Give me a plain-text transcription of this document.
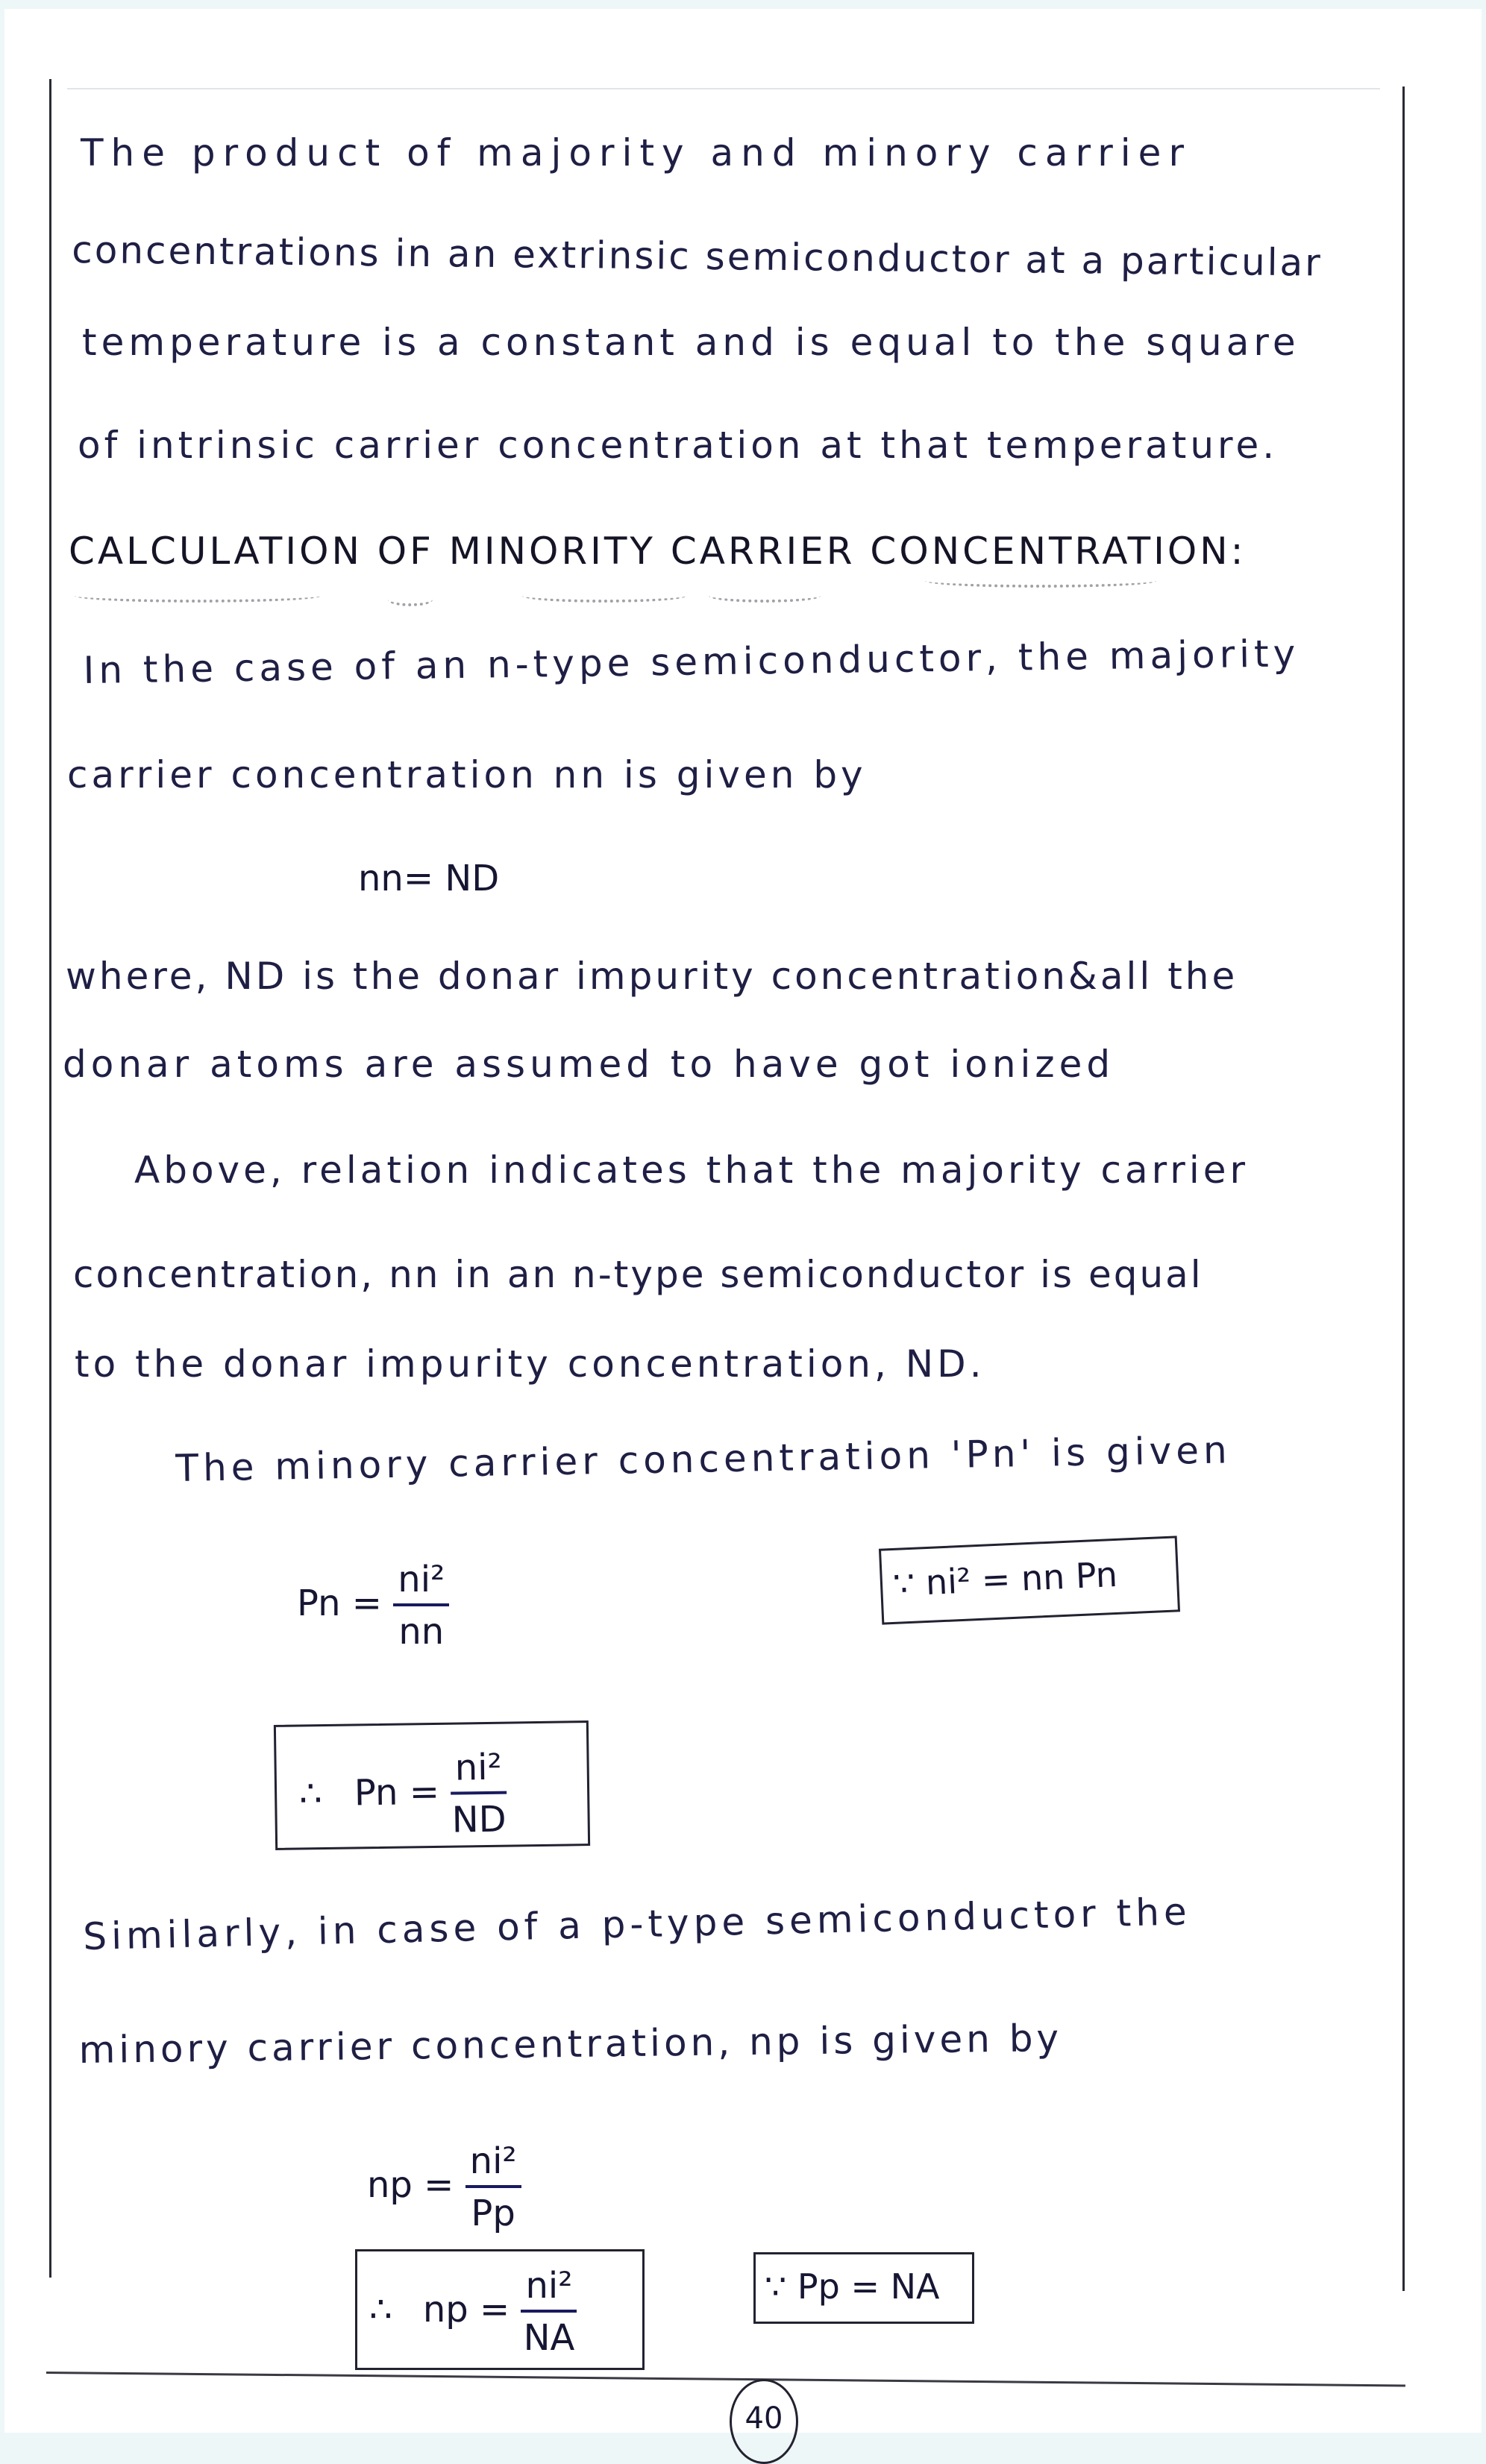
The product of majority and minory carrier
concentrations in an extrinsic semiconductor at a particular
temperature is a constant and is equal to the square
of intrinsic carrier concentration at that temperature.
CALCULATION OF MINORITY CARRIER CONCENTRATION:
In the case of an n-type semiconductor, the majority
carrier concentration nn is given by
nn= ND
where, ND is the donar impurity concentration&all the
donar atoms are assumed to have got ionized
Above, relation indicates that the majority carrier
concentration, nn in an n-type semiconductor is equal
to the donar impurity concentration, ND.
The minory carrier concentration 'Pn' is given
$Pn = \frac{\text{ni²}}{nn}$	∵ ni² = nn Pn
∴ $Pn = \frac{\text{ni²}}{ND}$
Similarly, in case of a p-type semiconductor the
minory carrier concentration, np is given by
np = $\frac{\text{ni²}}{Pp}$
∴ np = $\frac{\text{ni²}}{NA}$	∵ Pp = NA
40
